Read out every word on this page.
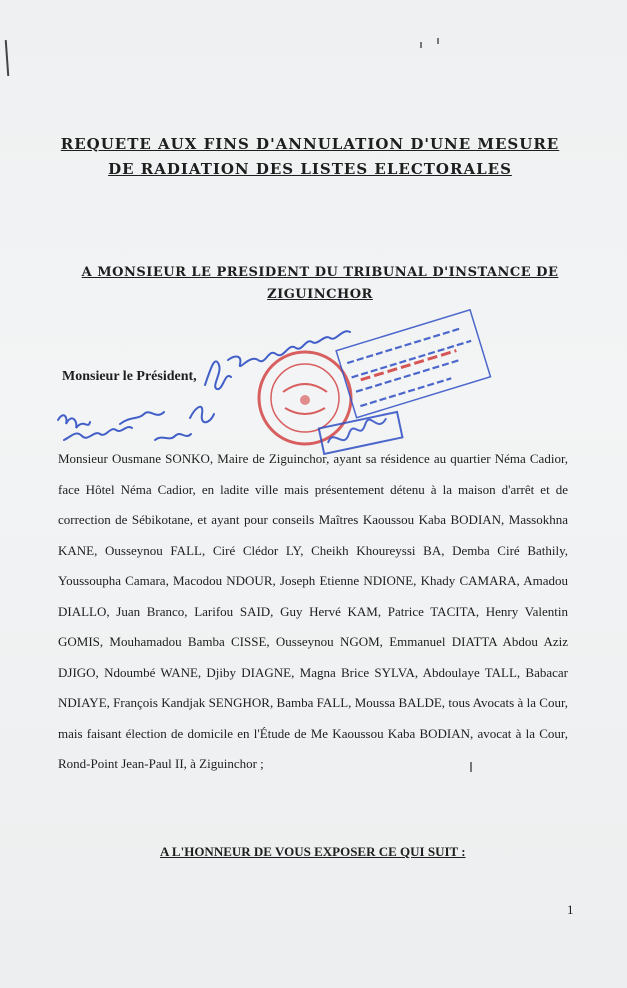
REQUETE AUX FINS D'ANNULATION D'UNE MESURE DE RADIATION DES LISTES ELECTORALES
A MONSIEUR LE PRESIDENT DU TRIBUNAL D'INSTANCE DE ZIGUINCHOR
Monsieur le Président,

Monsieur Ousmane SONKO, Maire de Ziguinchor, ayant sa résidence au quartier Néma Cadior, face Hôtel Néma Cadior, en ladite ville mais présentement détenu à la maison d'arrêt et de correction de Sébikotane, et ayant pour conseils Maîtres Kaoussou Kaba BODIAN, Massokhna KANE, Ousseynou FALL, Ciré Clédor LY, Cheikh Khoureyssi BA, Demba Ciré Bathily, Youssoupha Camara, Macodou NDOUR, Joseph Etienne NDIONE, Khady CAMARA, Amadou DIALLO, Juan Branco, Larifou SAID, Guy Hervé KAM, Patrice TACITA, Henry Valentin GOMIS, Mouhamadou Bamba CISSE, Ousseynou NGOM, Emmanuel DIATTA Abdou Aziz DJIGO, Ndoumbé WANE, Djiby DIAGNE, Magna Brice SYLVA, Abdoulaye TALL, Babacar NDIAYE, François Kandjak SENGHOR, Bamba FALL, Moussa BALDE, tous Avocats à la Cour, mais faisant élection de domicile en l'Étude de Me Kaoussou Kaba BODIAN, avocat à la Cour, Rond-Point Jean-Paul II, à Ziguinchor ;

A L'HONNEUR DE VOUS EXPOSER CE QUI SUIT :
1
